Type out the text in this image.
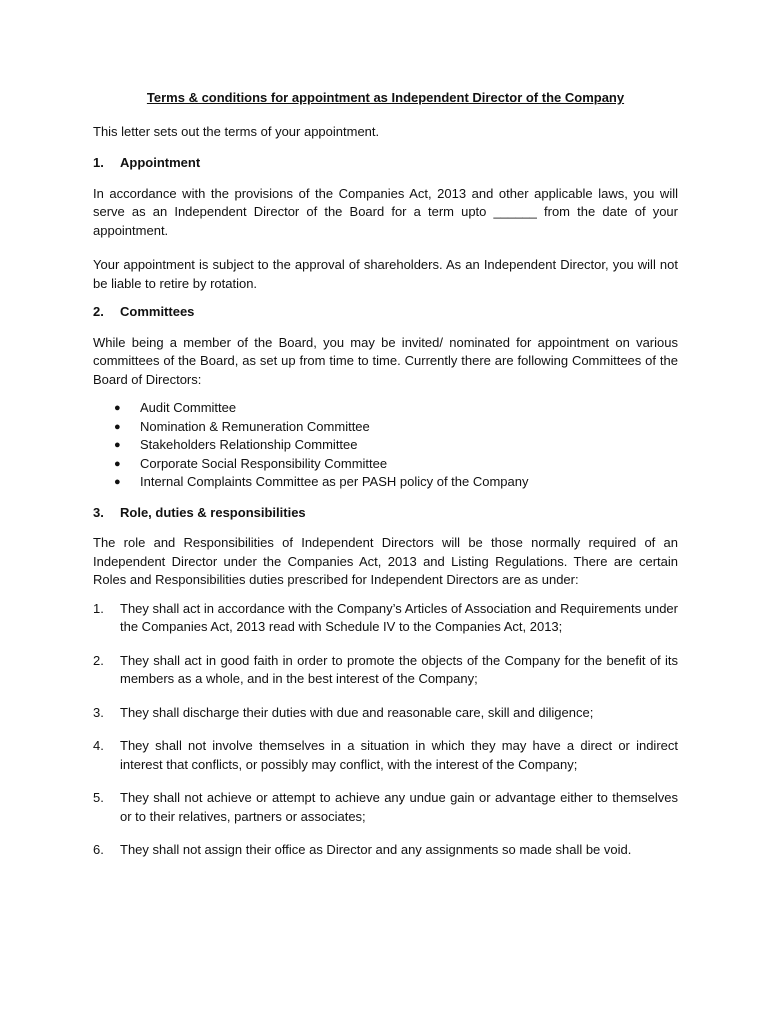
Terms & conditions for appointment as Independent Director of the Company

This letter sets out the terms of your appointment.

1.	Appointment

In accordance with the provisions of the Companies Act, 2013 and other applicable laws, you will serve as an Independent Director of the Board for a term upto ______ from the date of your appointment.

Your appointment is subject to the approval of shareholders. As an Independent Director, you will not be liable to retire by rotation.

2.	Committees

While being a member of the Board, you may be invited/ nominated for appointment on various committees of the Board, as set up from time to time. Currently there are following Committees of the Board of Directors:

●	Audit Committee
●	Nomination & Remuneration Committee
●	Stakeholders Relationship Committee
●	Corporate Social Responsibility Committee
●	Internal Complaints Committee as per PASH policy of the Company
3.	Role, duties & responsibilities

The role and Responsibilities of Independent Directors will be those normally required of an Independent Director under the Companies Act, 2013 and Listing Regulations. There are certain Roles and Responsibilities duties prescribed for Independent Directors are as under:

1.	They shall act in accordance with the Company’s Articles of Association and Requirements under the Companies Act, 2013 read with Schedule IV to the Companies Act, 2013;
2.	They shall act in good faith in order to promote the objects of the Company for the benefit of its members as a whole, and in the best interest of the Company;
3.	They shall discharge their duties with due and reasonable care, skill and diligence;
4.	They shall not involve themselves in a situation in which they may have a direct or indirect interest that conflicts, or possibly may conflict, with the interest of the Company;
5.	They shall not achieve or attempt to achieve any undue gain or advantage either to themselves or to their relatives, partners or associates;
6.	They shall not assign their office as Director and any assignments so made shall be void.
